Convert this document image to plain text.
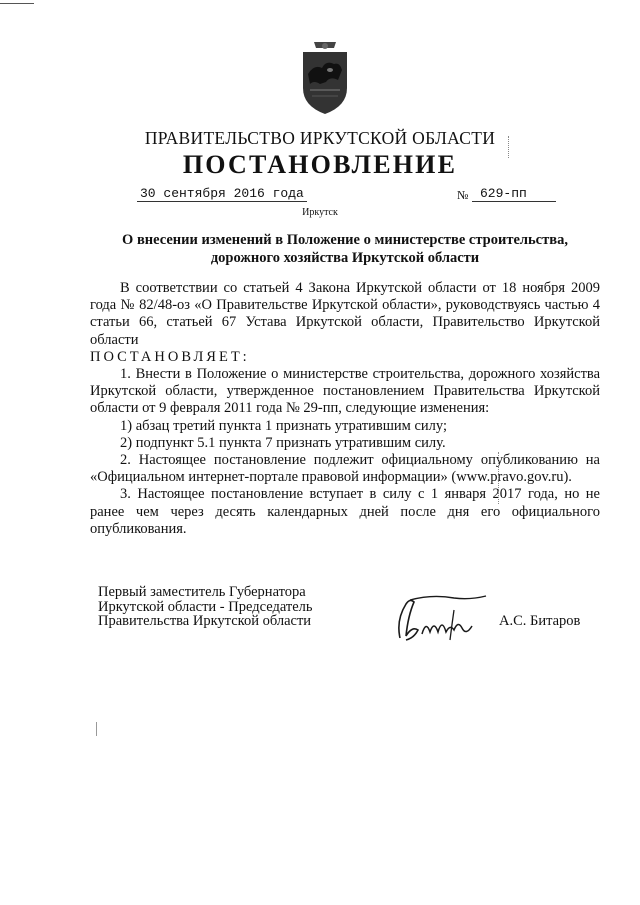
ПРАВИТЕЛЬСТВО ИРКУТСКОЙ ОБЛАСТИ
ПОСТАНОВЛЕНИЕ
30 сентября 2016 года	№ 629-пп
Иркутск
О внесении изменений в Положение о министерстве строительства,
дорожного хозяйства Иркутской области

В соответствии со статьей 4 Закона Иркутской области от 18 ноября 2009 года № 82/48-оз «О Правительстве Иркутской области», руководствуясь частью 4 статьи 66, статьей 67 Устава Иркутской области, Правительство Иркутской области

ПОСТАНОВЛЯЕТ:

1. Внести в Положение о министерстве строительства, дорожного хозяйства Иркутской области, утвержденное постановлением Правительства Иркутской области от 9 февраля 2011 года № 29-пп, следующие изменения:

1) абзац третий пункта 1 признать утратившим силу;

2) подпункт 5.1 пункта 7 признать утратившим силу.

2. Настоящее постановление подлежит официальному опубликованию на «Официальном интернет-портале правовой информации» (www.pravo.gov.ru).

3. Настоящее постановление вступает в силу с 1 января 2017 года, но не ранее чем через десять календарных дней после дня его официального опубликования.

Первый заместитель Губернатора
Иркутской области - Председатель
Правительства Иркутской области	А.С. Битаров
